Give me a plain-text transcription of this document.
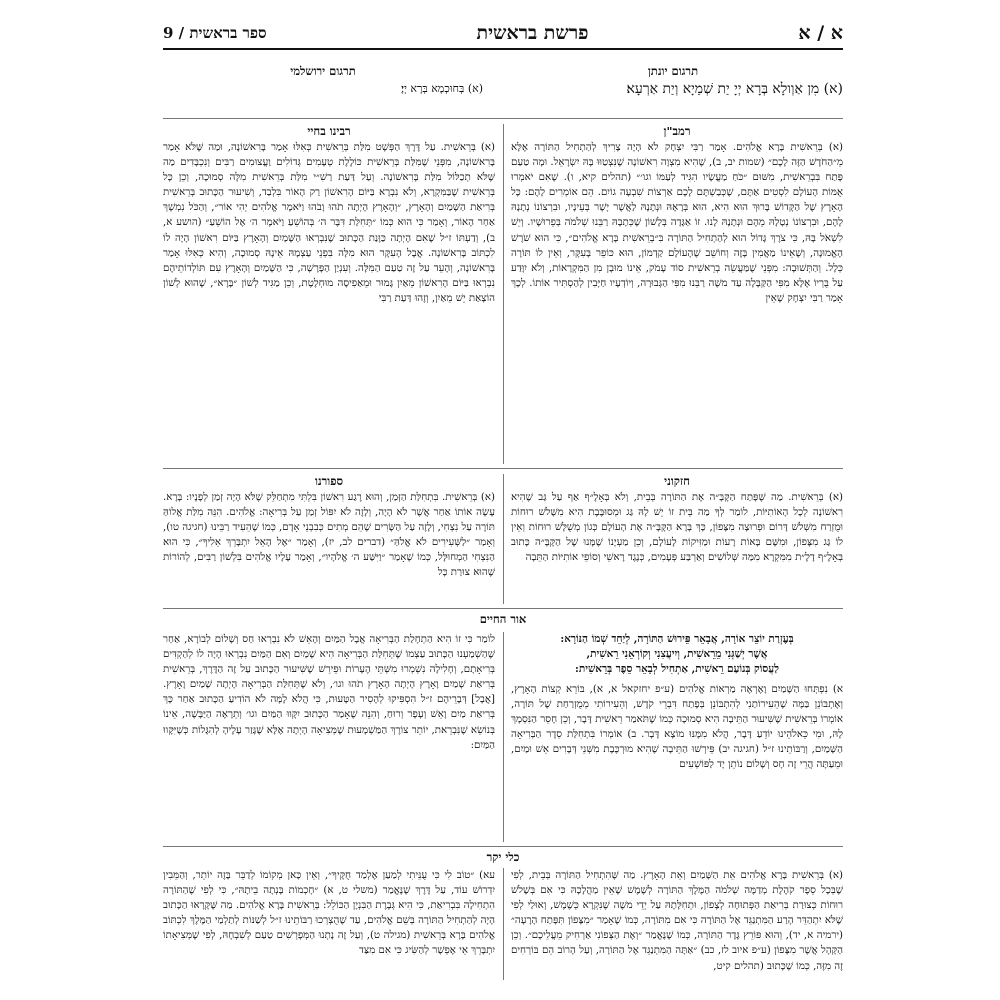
א / א
פרשת בראשית
ספר בראשית / 9

תרגום יונתן

(א) מִן אַוְולָא בְּרָא יְיָ יַת שְׁמַיָא וְיַת אַרְעָא׃

תרגום ירושלמי

(א) בְּחוּכְמָא בְּרָא יְיָ׃

רמב"ן

(א) בְּרֵאשִׁית בָּרָא אֱלֹהִים. אָמַר רַבִּי יִצְחָק לֹא הָיָה צָרִיךְ לְהַתְחִיל הַתּוֹרָה אֶלָּא מֵ״הַחֹדֶשׁ הַזֶּה לָכֶם״ (שמות יב, ב), שֶׁהִיא מִצְוָה רִאשׁוֹנָה שֶׁנִּצְטַוּוּ בָּהּ יִשְׂרָאֵל. וּמָה טַעַם פָּתַח בִּבְרֵאשִׁית, מִשּׁוּם ״כֹּחַ מַעֲשָׂיו הִגִּיד לְעַמּוֹ וגו׳״ (תהלים קיא, ו). שֶׁאִם יֹאמְרוּ אֻמּוֹת הָעוֹלָם לִסְטִים אַתֶּם, שֶׁכְּבַשְׁתֶּם לָכֶם אַרְצוֹת שִׁבְעָה גוֹיִם. הֵם אוֹמְרִים לָהֶם: כָּל הָאָרֶץ שֶׁל הַקָּדוֹשׁ בָּרוּךְ הוּא הִיא, הוּא בְּרָאָהּ וּנְתָנָהּ לַאֲשֶׁר יָשָׁר בְּעֵינָיו, וּבִרְצוֹנוֹ נְתָנָהּ לָהֶם, וּבִרְצוֹנוֹ נְטָלָהּ מֵהֶם וּנְתָנָהּ לָנוּ. זוֹ אַגָּדָה בְּלָשׁוֹן שֶׁכְּתָבָהּ רַבֵּנוּ שְׁלֹמֹה בְּפֵרוּשָׁיו. וְיֵשׁ לִשְׁאֹל בָּהּ, כִּי צֹרֶךְ גָּדוֹל הוּא לְהַתְחִיל הַתּוֹרָה בִּ״בְרֵאשִׁית בָּרָא אֱלֹהִים״, כִּי הוּא שֹׁרֶשׁ הָאֱמוּנָה, וְשֶׁאֵינוֹ מַאֲמִין בָּזֶה וְחוֹשֵׁב שֶׁהָעוֹלָם קַדְמוֹן, הוּא כּוֹפֵר בָּעִקָּר, וְאֵין לוֹ תּוֹרָה כְּלָל. וְהַתְּשׁוּבָה: מִפְּנֵי שֶׁמַּעֲשֵׂה בְרֵאשִׁית סוֹד עָמֹק, אֵינוֹ מוּבָן מִן הַמִּקְרָאוֹת, וְלֹא יִוָּדַע עַל בֻּרְיוֹ אֶלָּא מִפִּי הַקַּבָּלָה עַד משֶׁה רַבֵּנוּ מִפִּי הַגְּבוּרָה, וְיוֹדְעָיו חַיָּבִין לְהַסְתִּיר אוֹתוֹ. לְכָךְ אָמַר רַבִּי יִצְחָק שֶׁאֵין

רבינו בחיי

(א) בְּרֵאשִׁית. עַל דֶּרֶךְ הַפְּשָׁט מִלַּת בְּרֵאשִׁית כְּאִלּוּ אָמַר בָּרִאשׁוֹנָה, וּמַה שֶּׁלֹּא אָמַר בָּרִאשׁוֹנָה, מִפְּנֵי שֶׁמִּלַּת בְּרֵאשִׁית כּוֹלֶלֶת טְעָמִים גְּדוֹלִים וַעֲצוּמִים רַבִּים וְנִכְבָּדִים מַה שֶּׁלֹּא תְכַלּוֹל מִלַּת בָּרִאשׁוֹנָה. וְעַל דַּעַת רַשִׁ״י מִלַּת בְּרֵאשִׁית מִלָּה סְמוּכָה, וְכֵן כָּל בְּרֵאשִׁית שֶׁבַּמִּקְרָא, וְלֹא נִבְרָא בַּיּוֹם הָרִאשׁוֹן רַק הָאוֹר בִּלְבַד, וְשִׁיעוּר הַכָּתוּב בְּרֵאשִׁית בְּרִיאַת הַשָּׁמַיִם וְהָאָרֶץ, ״וְהָאָרֶץ הָיְתָה תֹהוּ וָבֹהוּ וַיֹּאמֶר אֱלֹהִים יְהִי אוֹר״, וְהַכֹּל נִמְשָׁךְ אַחַר הָאוֹר, וְאָמַר כִּי הוּא כְּמוֹ ״תְּחִלַּת דִּבֶּר ה׳ בְּהוֹשֵׁעַ וַיֹּאמֶר ה׳ אֶל הוֹשֵׁעַ״ (הושע א, ב), וְדַעְתּוֹ ז״ל שֶׁאִם הָיְתָה כַּוָּנַת הַכָּתוּב שֶׁנִּבְרְאוּ הַשָּׁמַיִם וְהָאָרֶץ בַּיּוֹם רִאשׁוֹן הָיָה לוֹ לִכְתּוֹב בָּרִאשׁוֹנָה. אֲבָל הָעִקָּר הוּא מִלָּה בִּפְנֵי עַצְמָהּ אֵינָהּ סְמוּכָה, וְהִיא כְּאִלּוּ אָמַר בָּרִאשׁוֹנָה, וְהָעֵד עַל זֶה טַעַם הַמִּלָּה. וְעִנְיַן הַפָּרָשָׁה, כִּי הַשָּׁמַיִם וְהָאָרֶץ עִם תּוֹלְדוֹתֵיהֶם נִבְרְאוּ בַּיּוֹם הָרִאשׁוֹן מֵאַיִן גָּמוּר וּמֵאַפִיסָה מוּחְלֶטֶת, וְכֵן מַגִּיד לְשׁוֹן ״בָּרָא״, שֶׁהוּא לְשׁוֹן הוֹצָאַת יֵשׁ מֵאַיִן, וְזֶהוּ דַּעַת רַבִּי

חזקוני

(א) בְּרֵאשִׁית. מַה שֶּׁפָּתַח הַקָּבָּ״ה אֶת הַתּוֹרָה בְּבֵית, וְלֹא בְּאָלֶ״ף אַף עַל גַּב שֶׁהִיא רִאשׁוֹנָה לְכָל הָאוֹתִיּוֹת, לוֹמַר לְךָ מַה בֵּית זוֹ יֵשׁ לָהּ גַּג וּמְסוּבֶּבֶת הִיא מִשָּׁלֹשׁ רוּחוֹת וּמֻזְרַח מִשְּׁלֹשׁ דָּרוֹם וּפְרוּצָה מִצָּפוֹן, כָּךְ בָּרָא הַקָּבָּ״ה אֶת הָעוֹלָם כְּגוֹן מְשֻׁלָּשׁ רוּחוֹת וְאֵין לוֹ גַּג מִצָּפוֹן, וּמִשָּׁם בָּאוֹת רָעוֹת וּמַזִּיקוֹת לָעוֹלָם, וְכֵן מַעְיָנוֹ שֶׁמָּנוּ שֶׁל הַקָּבָּ״ה כָּתוּב בְּאָלֶ״ף דָלֶ״ת מִמִּקְרָא מִמַּה שְּׁלוֹשִׁים וְאַרְבַּע פְּעָמִים, כְּנֶגֶד רָאשֵׁי וְסוֹפֵי אוֹתִיּוֹת הַתֵּבָה

ספורנו

(א) בְּרֵאשִׁית. בִּתְחִלַּת הַזְּמַן, וְהוּא רֶגַע רִאשׁוֹן בִּלְתִּי מִתְחַלֵּק שֶׁלֹּא הָיָה זְמַן לְפָנָיו: בָּרָא. עָשָׂה אוֹתוֹ אַחַר אֲשֶׁר לֹא הָיָה, וְלָזֶה לֹא יִפּוֹל זְמַן עַל בְּרִיאָה: אֱלֹהִים. הִנֵּה מִלַּת אֱלוֹהַּ תּוֹרֶה עַל נִצְחִי, וְלָזֶה עַל הַשָּׂרִים שֶׁהֵם מְתִים כְּבִבְנֵי אָדָם, כְּמוֹ שֶׁהֵעִיד רַבֵּינוּ (חגיגה טו), וְאָמַר ״לַשְּׁעִירִים לֹא אֱלֹהַּ״ (דברים לב, יז), וְאָמַר ״אֶל הָאֵל יִתְבָּרֵךְ אֵלִיךָ״, כִּי הוּא הַנִּצְחִי הַמְחוּלָּל, כְּמוֹ שֶׁאָמַר ״וַיִּשַּׁע ה׳ אֱלֹהָיו״, וְאָמַר עָלָיו אֱלֹהִים בִּלְשׁוֹן רַבִּים, לְהוֹרוֹת שֶׁהוּא צוּרַת כָּל

אור החיים

בְּעֶזְרַת יוֹצֵר אוֹרָה, אֲבָאֵר פֵּירוּשׁ הַתּוֹרָה, לְיַחֵד שְׁמוֹ הַנּוֹרָא:

אֲשֶׁר יְשַׁגְּנִי מֵרֵאשִׁית, וְיִיעֲצִנִי וְקוֹרְאֵנִי רֵאשִׁית,

לַעֲסוֹק בְּנוֹעַם רֵאשִׁית, אַתְחִיל לְבָאֵר סֵפֶר בְּרֵאשִׁית:

א) נִפְתְּחוּ הַשָּׁמַיִם וָאֶרְאֶה מַרְאוֹת אֱלֹהִים (ע״פ יחזקאל א, א), בּוֹרֵא קְצוֹת הָאָרֶץ, וְאֶתְבּוֹנֵן בַּמֶּה שֶׁהֵעִירוֹתַנִי לְהִתְבּוֹנֵן בְּפֶתַח דִּבְרֵי קֹדֶשׁ, וְהֵעִירוֹתִי מְמֻזְרַחַת שֶׁל תּוֹרָה, אוֹמְרוֹ בְּרֵאשִׁית שֶׁשִּׁיעוּר הַתֵּיבָה הִיא סְמוּכָה כְּמוֹ שֶׁתֹּאמַר רֵאשִׁית דָּבָר, וְכֵן חָסֵר הַנִּסְמָךְ לָהּ, וּמִי כֵּאלֹהֵינוּ יוֹדֵעַ דָּבָר, הֲלֹא מִמֶּנּוּ מוֹצָא דָּבָר. ב) אוֹמְרוֹ בִּתְחִלַּת סֵדֶר הַבְּרִיאָה הַשָּׁמַיִם, וְרַבּוֹתֵינוּ ז״ל (חגיגה יב) פֵּירְשׁוּ הַתֵּיבָה שֶׁהִיא מוּרְכֶּבֶת מִשְּׁנֵי דְּבָרִים אֵשׁ וּמַיִם, וּמֵעַתָּה הֲרֵי זֶה חָס וְשָׁלוֹם נוֹתֵן יָד לַפּוֹשְׁעִים

לוֹמַר כִּי זוֹ הִיא הַתְחָלַת הַבְּרִיאָה אֲבָל הַמַּיִם וְהָאֵשׁ לֹא נִבְרְאוּ חַס וְשָׁלוֹם לְבוֹרָא, אַחַר שֶׁהַשְׁמַעְנוּ הַכָּתוּב עַצְמוֹ שֶׁתְּחִלַּת הַבְּרִיאָה הִיא שָׁמַיִם וְאִם הַמַּיִם נִבְרְאוּ הָיָה לוֹ לְהַקְדִּים בְּרִיאָתָם, וְחָלִילָה נִשְׁמְרוּ מִשְּׁתֵּי הֶעָרוֹת וּפֵירֵשׁ שֶׁשִּׁיעוּר הַכָּתוּב עַל זֶה הַדֶּרֶךְ, בְּרֵאשִׁית בְּרִיאַת שָׁמַיִם וָאָרֶץ הָיְתָה הָאָרֶץ תֹהוּ וגו׳, וְלֹא שֶׁתְּחִלַּת הַבְּרִיאָה הָיְתָה שָׁמַיִם וָאָרֶץ. [אֲבָל] דְּבָרֵיהֶם ז״ל הִסְפִּיקוּ לְהָסִיר הַטָּעוּת, כִּי הֲלֹא לָמָּה לֹא הוֹדִיעַ הַכָּתוּב אַחַר כָּךְ בְּרִיאַת מַיִם וָאֵשׁ וְעָפָר וְרוּחַ, וְהִנֵּה שֶׁאָמַר הַכָּתוּב יִקָּווּ הַמַּיִם וגו׳ וְתֵרָאֶה הַיַּבָּשָׁה, אֵינוֹ בְּנוֹשֵׂא שֶׁנִּבְרֵאת, יוֹתֵר צוֹרֶךְ הַמַּשְׁמָעוּת שֶׁמְּצִיאָה הָיְתָה אֶלָּא שֶׁגָּזַר עָלֶיהָ לְהִגָּלוֹת כְּשֶׁיִּקָּווּ הַמַּיִם:

כלי יקר

(א) בְּרֵאשִׁית בָּרָא אֱלֹהִים אֵת הַשָּׁמַיִם וְאֵת הָאָרֶץ. מַה שֶּׁהִתְחִיל הַתּוֹרָה בְּבֵית, לְפִי שֶׁבְּכָל סֵפֶר קֹהֶלֶת מְדַמֶּה שְׁלֹמֹה הַמֶּלֶךְ הַתּוֹרָה לְשֶׁמֶשׁ שֶׁאֵין מַהֲלָכָהּ כִּי אִם בְּשָׁלֹשׁ רוּחוֹת כְּצוּרַת בְּרִיאַת הַפְּתוּחָה לְצָפוֹן, וּתְחִלָּתָהּ עַל יְדֵי משֶׁה שֶׁנִּקְרָא כְּשֶׁמֶשׁ, וְאוּלַי לְפִי שֶׁלֹּא יִתְהַדֵּר הָרַע הַמִּתְנַגֵּד אֶל הַתּוֹרָה כִּי אִם מִתּוֹרָה, כְּמוֹ שֶׁאָמַר ״מִצָּפוֹן תִּפָּתַח הָרָעָה״ (ירמיה א, יד), וְהוּא פּוֹרֵץ גֶּדֶר הַתּוֹרָה, כְּמוֹ שֶׁנֶּאֱמַר ״וְאֶת הַצְּפוֹנִי אַרְחִיק מֵעֲלֵיכֶם״. וְכֵן הַקָּהָל אֲשֶׁר מִצָּפוֹן (ע״פ איוב לז, כב) ״אַתָּה הַמִּתְנַגֵּד אֶל הַתּוֹרָה, וְעַל הָרוֹב הֵם בּוֹרְחִים זֶה מִזֶּה, כְּמוֹ שֶׁכָּתוּב (תהלים קיט,

עא) ״טוֹב לִי כִּי עֻנֵּיתִי לְמַעַן אֶלְמַד חֻקֶּיךָ״, וְאֵין כָּאן מְקוֹמוֹ לְדַבֵּר בָּזֶה יוֹתֵר, וְהַמֵּבִין יִדְרוֹשׁ עוֹד, עַל דֶּרֶךְ שֶׁנֶּאֱמַר (משלי ט, א) ״חָכְמוֹת בָּנְתָה בֵיתָהּ״, כִּי לְפִי שֶׁהַתּוֹרָה הִתְחִילָה בִּבְרִיאַת, כִּי הִיא גְּבֶרֶת הַבִּנְיָן הַכּוֹלֵל: בְּרֵאשִׁית בָּרָא אֱלֹהִים. מַה שֶּׁקָּרָאוּ הַכָּתוּב הָיָה לְהַתְחִיל הַתּוֹרָה בְּשֵׁם אֱלֹהִים, עַד שֶׁהֻצְרְכוּ רַבּוֹתֵינוּ ז״ל לְשַׁנּוֹת לְתַלְמַי הַמֶּלֶךְ לִכְתּוֹב אֱלֹהִים בָּרָא בְּרֵאשִׁית (מגילה ט), וְעַל זֶה נָתְנוּ הַמְּפָרְשִׁים טַעַם לְשִׁבְחָהּ, לְפִי שֶׁמְּצִיאָתוֹ יִתְבָּרֵךְ אֵי אֶפְשָׁר לְהַשִּׂיג כִּי אִם מִצַּד
